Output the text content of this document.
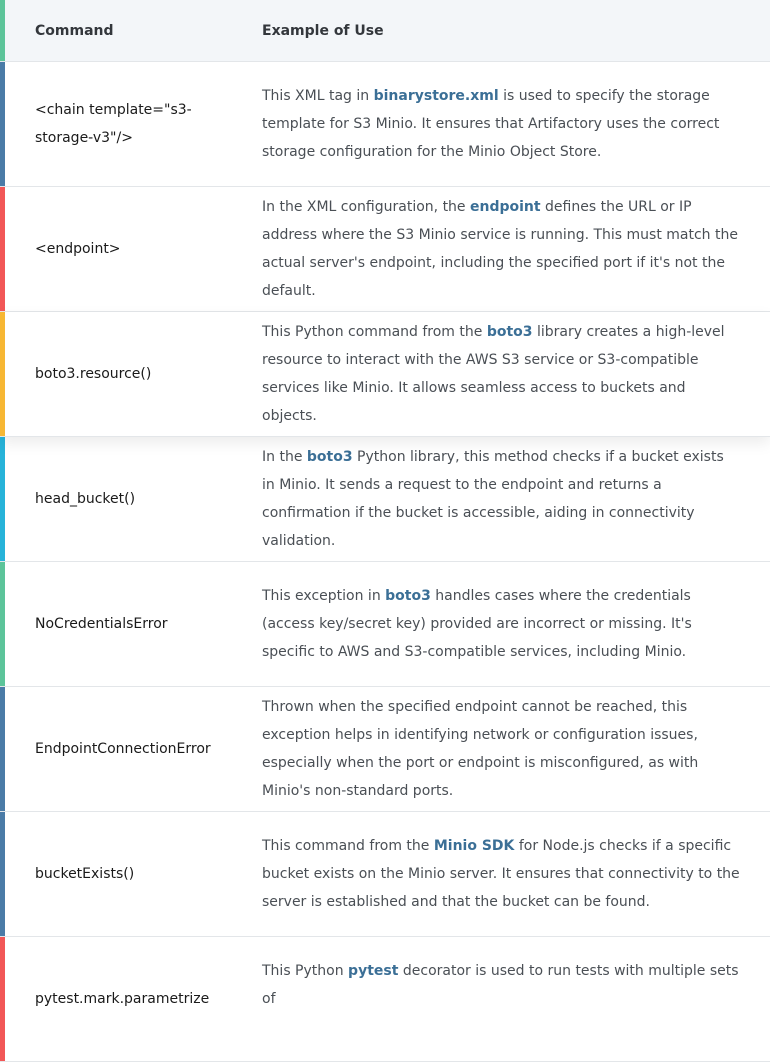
Command	Example of Use
<chain template="s3-storage-v3"/>
This XML tag in binarystore.xml is used to specify the storage template for S3 Minio. It ensures that Artifactory uses the correct storage configuration for the Minio Object Store.
<endpoint>
In the XML configuration, the endpoint defines the URL or IP address where the S3 Minio service is running. This must match the actual server's endpoint, including the specified port if it's not the default.
boto3.resource()
This Python command from the boto3 library creates a high-level resource to interact with the AWS S3 service or S3-compatible services like Minio. It allows seamless access to buckets and objects.
head_bucket()
In the boto3 Python library, this method checks if a bucket exists in Minio. It sends a request to the endpoint and returns a confirmation if the bucket is accessible, aiding in connectivity validation.
NoCredentialsError
This exception in boto3 handles cases where the credentials (access key/secret key) provided are incorrect or missing. It's specific to AWS and S3-compatible services, including Minio.
EndpointConnectionError
Thrown when the specified endpoint cannot be reached, this exception helps in identifying network or configuration issues, especially when the port or endpoint is misconfigured, as with Minio's non-standard ports.
bucketExists()
This command from the Minio SDK for Node.js checks if a specific bucket exists on the Minio server. It ensures that connectivity to the server is established and that the bucket can be found.
pytest.mark.parametrize
This Python pytest decorator is used to run tests with multiple sets of
